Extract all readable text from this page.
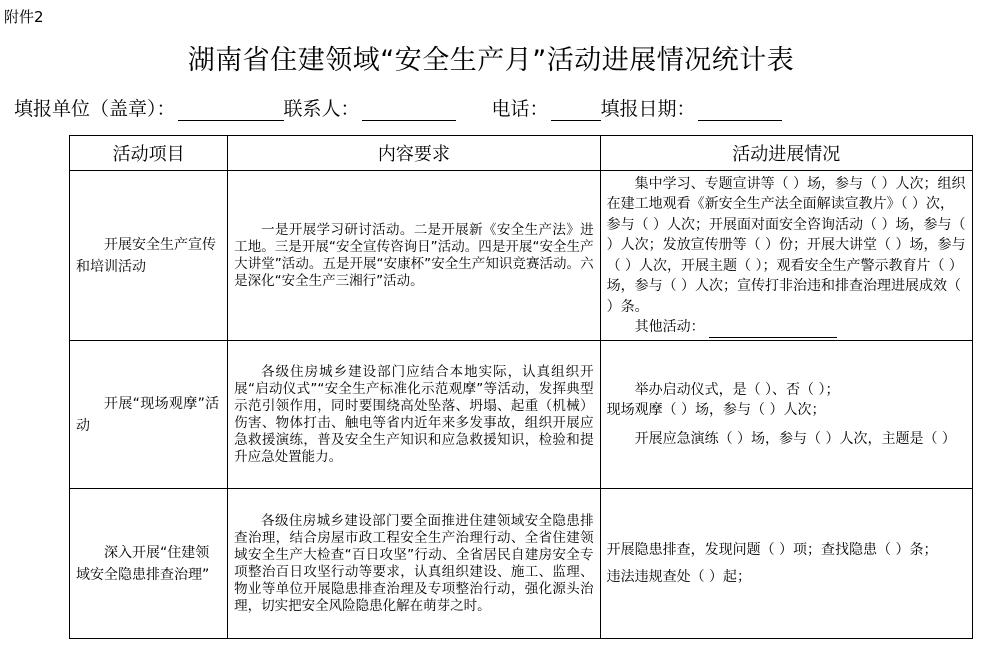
附件2
湖南省住建领域“安全生产月”活动进展情况统计表
填报单位（盖章）：	联系人：	电话：	填报日期：
活动项目	内容要求	活动进展情况

开展安全生产宣传和培训活动	一是开展学习研讨活动。二是开展新《安全生产法》进工地。三是开展“安全宣传咨询日”活动。四是开展“安全生产大讲堂”活动。五是开展“安康杯”安全生产知识竞赛活动。六是深化“安全生产三湘行”活动。	集中学习、专题宣讲等（ ）场，参与（ ）人次；组织在建工地观看《新安全生产法全面解读宣教片》（ ）次，参与（ ）人次；开展面对面安全咨询活动（ ）场，参与（ ）人次；发放宣传册等（ ）份；开展大讲堂（ ）场，参与（ ）人次，开展主题（ ）；观看安全生产警示教育片（ ）场，参与（ ）人次；宣传打非治违和排查治理进展成效（ ）条。

其他活动：

开展“现场观摩”活动	各级住房城乡建设部门应结合本地实际，认真组织开展“启动仪式”“安全生产标准化示范观摩”等活动，发挥典型示范引领作用，同时要围绕高处坠落、坍塌、起重（机械）伤害、物体打击、触电等省内近年来多发事故，组织开展应急救援演练，普及安全生产知识和应急救援知识，检验和提升应急处置能力。	举办启动仪式，是（ ）、否（ ）；

现场观摩（ ）场，参与（ ）人次；

开展应急演练（ ）场，参与（ ）人次，主题是（ ）

深入开展“住建领域安全隐患排查治理”	各级住房城乡建设部门要全面推进住建领域安全隐患排查治理，结合房屋市政工程安全生产治理行动、全省住建领域安全生产大检查“百日攻坚”行动、全省居民自建房安全专项整治百日攻坚行动等要求，认真组织建设、施工、监理、物业等单位开展隐患排查治理及专项整治行动，强化源头治理，切实把安全风险隐患化解在萌芽之时。	开展隐患排查，发现问题（ ）项；查找隐患（ ）条；

违法违规查处（ ）起；
